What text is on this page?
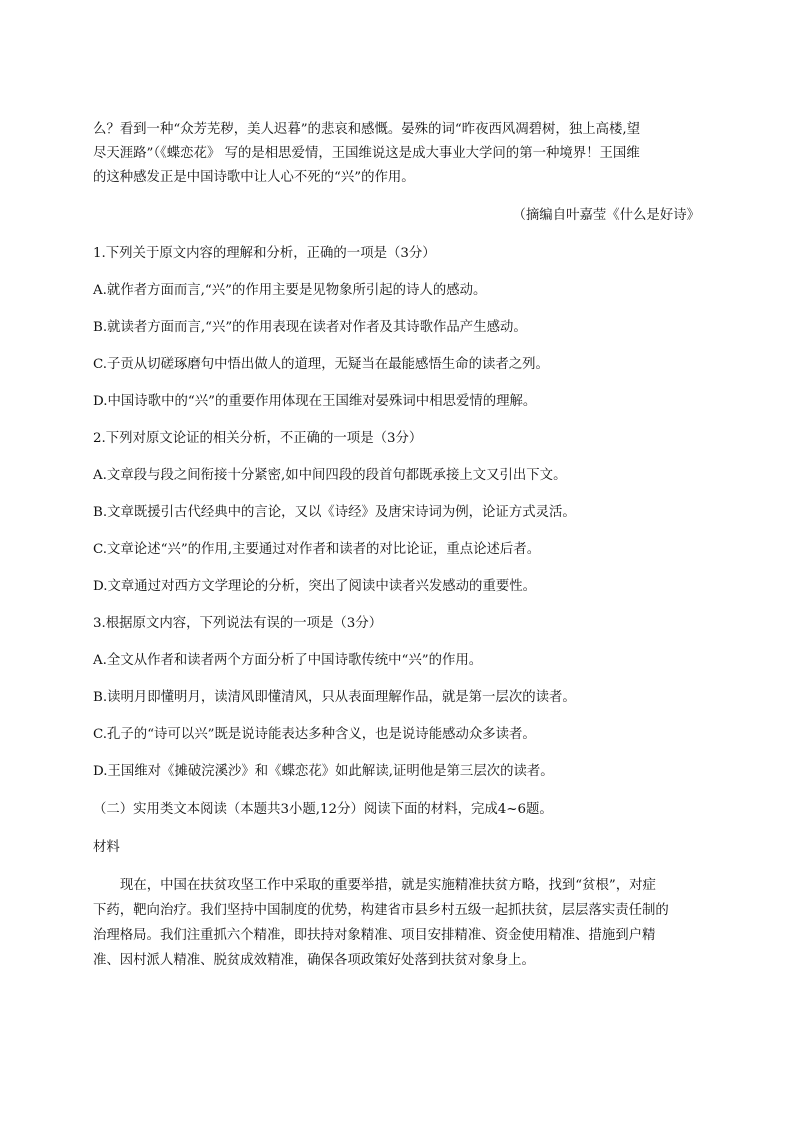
么？看到一种“众芳芜秽，美人迟暮”的悲哀和感慨。晏殊的词“昨夜西风凋碧树，独上高楼,望
尽天涯路”（《蝶恋花》 写的是相思爱情，王国维说这是成大事业大学问的第一种境界！王国维
的这种感发正是中国诗歌中让人心不死的“兴”的作用。
（摘编自叶嘉莹《什么是好诗》
1.下列关于原文内容的理解和分析，正确的一项是（3分）
A.就作者方面而言,“兴”的作用主要是见物象所引起的诗人的感动。
B.就读者方面而言,“兴”的作用表现在读者对作者及其诗歌作品产生感动。
C.子贡从切磋琢磨句中悟出做人的道理，无疑当在最能感悟生命的读者之列。
D.中国诗歌中的“兴”的重要作用体现在王国维对晏殊词中相思爱情的理解。
2.下列对原文论证的相关分析，不正确的一项是（3分）
A.文章段与段之间衔接十分紧密,如中间四段的段首句都既承接上文又引出下文。
B.文章既援引古代经典中的言论，又以《诗经》及唐宋诗词为例，论证方式灵活。
C.文章论述“兴”的作用,主要通过对作者和读者的对比论证，重点论述后者。
D.文章通过对西方文学理论的分析，突出了阅读中读者兴发感动的重要性。
3.根据原文内容，下列说法有误的一项是（3分）
A.全文从作者和读者两个方面分析了中国诗歌传统中“兴”的作用。
B.读明月即懂明月，读清风即懂清风，只从表面理解作品，就是第一层次的读者。
C.孔子的“诗可以兴”既是说诗能表达多种含义，也是说诗能感动众多读者。
D.王国维对《摊破浣溪沙》和《蝶恋花》如此解读,证明他是第三层次的读者。
（二）实用类文本阅读（本题共3小题,12分）阅读下面的材料，完成4~6题。
材料
现在，中国在扶贫攻坚工作中采取的重要举措，就是实施精准扶贫方略，找到“贫根”，对症
下药，靶向治疗。我们坚持中国制度的优势，构建省市县乡村五级一起抓扶贫，层层落实责任制的
治理格局。我们注重抓六个精准，即扶持对象精准、项目安排精准、资金使用精准、措施到户精
准、因村派人精准、脱贫成效精准，确保各项政策好处落到扶贫对象身上。
